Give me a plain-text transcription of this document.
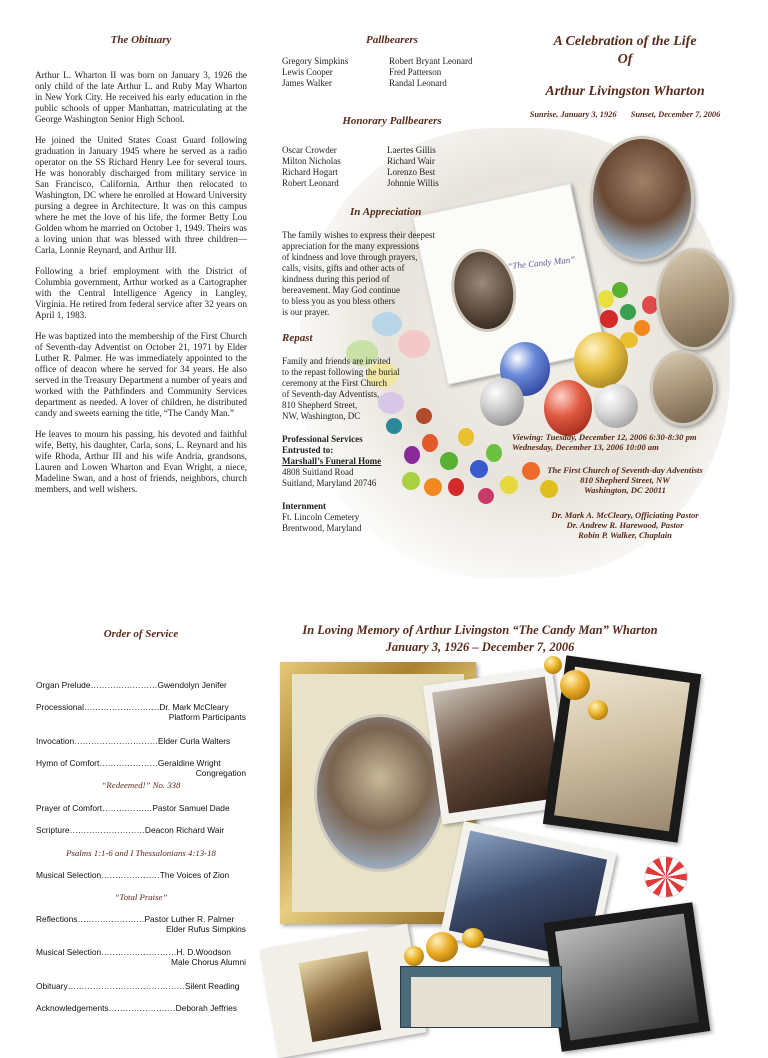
The Obituary

Arthur L. Wharton II was born on January 3, 1926 the only child of the late Arthur L. and Ruby May Wharton in New York City. He received his early education in the public schools of upper Manhattan, matriculating at the George Washington Senior High School.

He joined the United States Coast Guard following graduation in January 1945 where he served as a radio operator on the SS Richard Henry Lee for several tours. He was honorably discharged from military service in San Francisco, California. Arthur then relocated to Washington, DC where he enrolled at Howard University pursing a degree in Architecture. It was on this campus where he met the love of his life, the former Betty Lou Golden whom he married on October 1, 1949. Theirs was a loving union that was blessed with three children—Carla, Lonnie Reynard, and Arthur III.

Following a brief employment with the District of Columbia government, Arthur worked as a Cartographer with the Central Intelligence Agency in Langley, Virginia. He retired from federal service after 32 years on April 1, 1983.

He was baptized into the membership of the First Church of Seventh-day Adventist on October 21, 1971 by Elder Luther R. Palmer. He was immediately appointed to the office of deacon where he served for 34 years. He also served in the Treasury Department a number of years and worked with the Pathfinders and Community Services department as needed. A lover of children, he distributed candy and sweets earning the title, “The Candy Man.”

He leaves to mourn his passing, his devoted and faithful wife, Betty, his daughter, Carla, sons, L. Reynard and his wife Rhoda, Arthur III and his wife Andria, grandsons, Lauren and Lowen Wharton and Evan Wright, a niece, Madeline Swan, and a host of friends, neighbors, church members, and well wishers.

“The Candy Man”
Pallbearers
Gregory Simpkins
Lewis Cooper
James Walker
Robert Bryant Leonard
Fred Patterson
Randal Leonard
Honorary Pallbearers
Oscar Crowder
Milton Nicholas
Richard Hogart
Robert Leonard
Laertes Gillis
Richard Wair
Lorenzo Best
Johnnie Willis
In Appreciation
The family wishes to express their deepest
appreciation for the many expressions
of kindness and love through prayers,
calls, visits, gifts and other acts of
kindness during this period of
bereavement. May God continue
to bless you as you bless others
is our prayer.
Repast
Family and friends are invited
to the repast following the burial
ceremony at the First Church
of Seventh-day Adventists,
810 Shepherd Street,
NW, Washington, DC
Professional Services
Entrusted to:
Marshall’s Funeral Home
4808 Suitland Road
Suitland, Maryland 20746
Internment
Ft. Lincoln Cemetery
Brentwood, Maryland
A Celebration of the Life
Of
Arthur Livingston Wharton
Sunrise, January 3, 1926 Sunset, December 7, 2006
Viewing: Tuesday, December 12, 2006 6:30-8:30 pm
Wednesday, December 13, 2006 10:00 am
The First Church of Seventh-day Adventists
810 Shepherd Street, NW
Washington, DC 20011
Dr. Mark A. McCleary, Officiating Pastor
Dr. Andrew R. Harewood, Pastor
Robin P. Walker, Chaplain
Order of Service
Organ Prelude……………………Gwendolyn Jenifer
Processional………………………Dr. Mark McCleary
Platform Participants
Invocation…………………………Elder Curla Walters
Hymn of Comfort…………………Geraldine Wright
Congregation
“Redeemed!” No. 338
Prayer of Comfort………………Pastor Samuel Dade
Scripture………………………Deacon Richard Wair
Psalms 1:1-6 and I Thessalonians 4:13-18
Musical Selection…………………The Voices of Zion
“Total Praise”
Reflections……………………Pastor Luther R. Palmer
Elder Rufus Simpkins
Musical Selection………………………H. D.Woodson
Male Chorus Alumni
Obituary……………………………………Silent Reading
Acknowledgements……………………Deborah Jeffries
In Loving Memory of Arthur Livingston “The Candy Man” Wharton
January 3, 1926 – December 7, 2006
